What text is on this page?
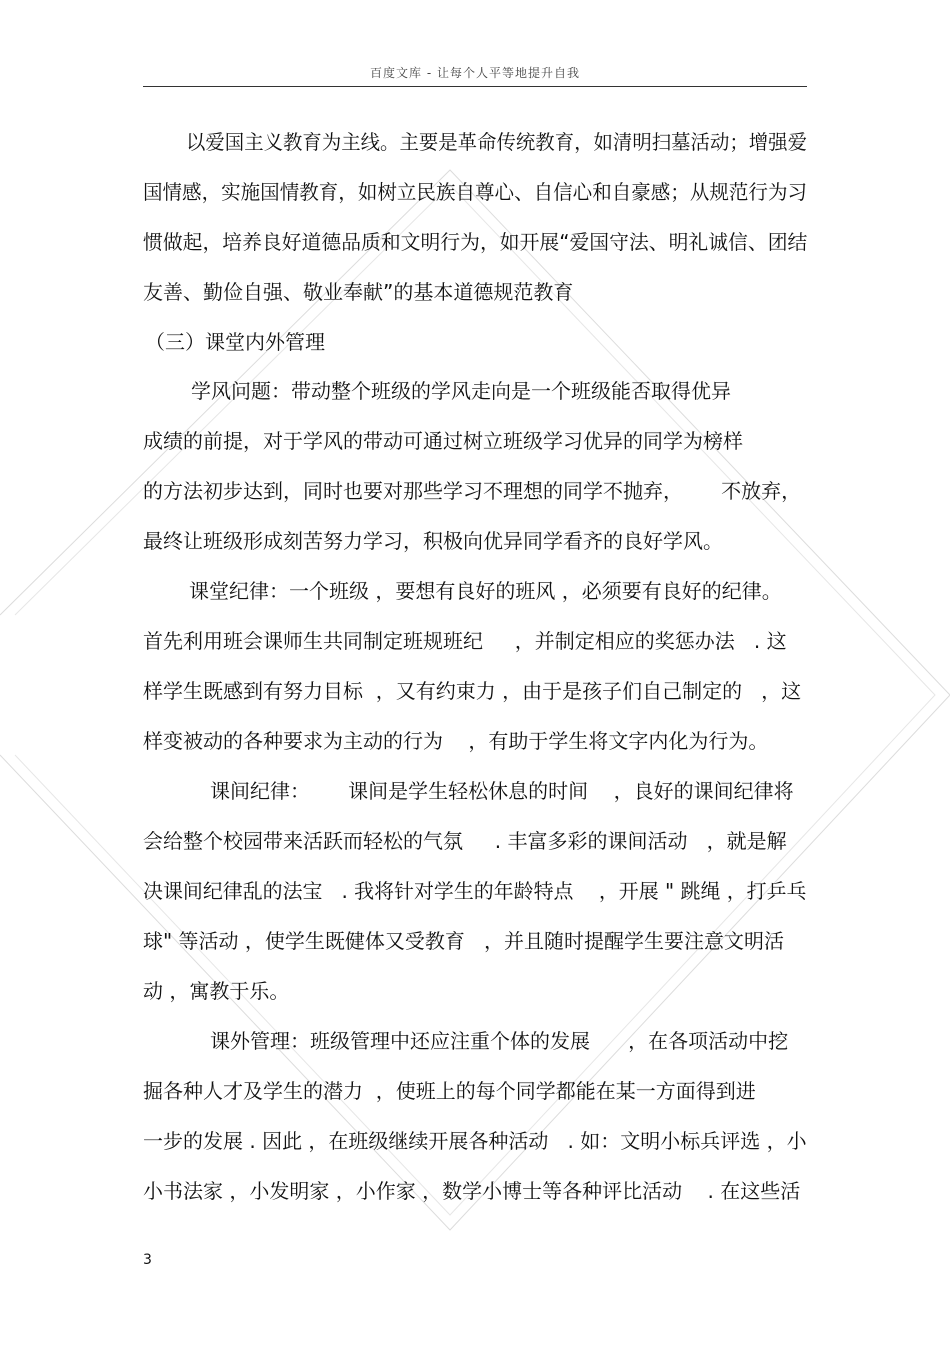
百度文库 - 让每个人平等地提升自我
以爱国主义教育为主线。主要是革命传统教育，如清明扫墓活动；增强爱
国情感，实施国情教育，如树立民族自尊心、自信心和自豪感；从规范行为习
惯做起，培养良好道德品质和文明行为，如开展“爱国守法、明礼诚信、团结
友善、勤俭自强、敬业奉献”的基本道德规范教育
（三）课堂内外管理
学风问题：带动整个班级的学风走向是一个班级能否取得优异
成绩的前提，对于学风的带动可通过树立班级学习优异的同学为榜样
的方法初步达到，同时也要对那些学习不理想的同学不抛弃，      不放弃，
最终让班级形成刻苦努力学习，积极向优异同学看齐的良好学风。
课堂纪律：一个班级 ，要想有良好的班风 ，必须要有良好的纪律。
首先利用班会课师生共同制定班规班纪     ，并制定相应的奖惩办法   . 这
样学生既感到有努力目标  ，又有约束力 ，由于是孩子们自己制定的   ，这
样变被动的各种要求为主动的行为    ，有助于学生将文字内化为行为。
课间纪律：      课间是学生轻松休息的时间    ，良好的课间纪律将
会给整个校园带来活跃而轻松的气氛     . 丰富多彩的课间活动   ，就是解
决课间纪律乱的法宝   . 我将针对学生的年龄特点    ，开展 " 跳绳 ，打乒乓
球" 等活动 ，使学生既健体又受教育   ，并且随时提醒学生要注意文明活
动 ，寓教于乐。
课外管理：班级管理中还应注重个体的发展      ，在各项活动中挖
掘各种人才及学生的潜力  ，使班上的每个同学都能在某一方面得到进
一步的发展 . 因此 ，在班级继续开展各种活动   . 如：文明小标兵评选 ，小
小书法家 ，小发明家 ，小作家 ，数学小博士等各种评比活动    . 在这些活
3
